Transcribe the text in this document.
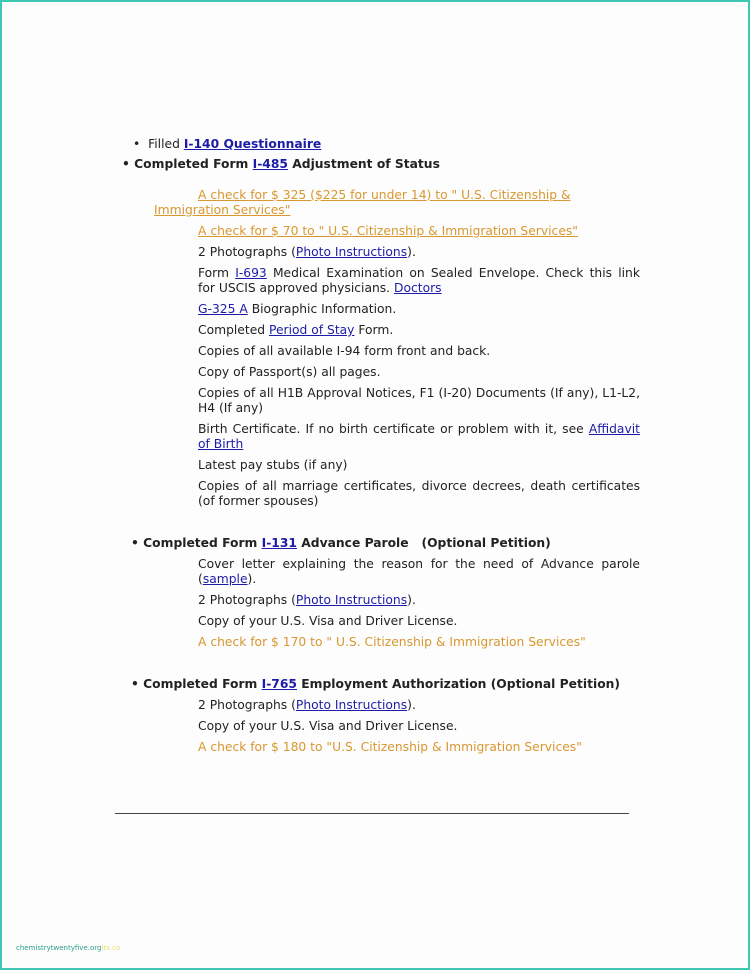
•  Filled I-140 Questionnaire
• Completed Form I-485 Adjustment of Status
A check for $ 325 ($225 for under 14) to " U.S. Citizenship &
Immigration Services"
A check for $ 70 to " U.S. Citizenship & Immigration Services"
2 Photographs (Photo Instructions).
Form I-693 Medical Examination on Sealed Envelope. Check this link for USCIS approved physicians. Doctors
G-325 A Biographic Information.
Completed Period of Stay Form.
Copies of all available I-94 form front and back.
Copy of Passport(s) all pages.
Copies of all H1B Approval Notices, F1 (I-20) Documents (If any), L1-L2, H4 (If any)
Birth Certificate. If no birth certificate or problem with it, see Affidavit of Birth
Latest pay stubs (if any)
Copies of all marriage certificates, divorce decrees, death certificates (of former spouses)
• Completed Form I-131 Advance Parole   (Optional Petition)
Cover letter explaining the reason for the need of Advance parole (sample).
2 Photographs (Photo Instructions).
Copy of your U.S. Visa and Driver License.
A check for $ 170 to " U.S. Citizenship & Immigration Services"
• Completed Form I-765 Employment Authorization (Optional Petition)
2 Photographs (Photo Instructions).
Copy of your U.S. Visa and Driver License.
A check for $ 180 to "U.S. Citizenship & Immigration Services"
chemistrytwentyfive.orglts.co
